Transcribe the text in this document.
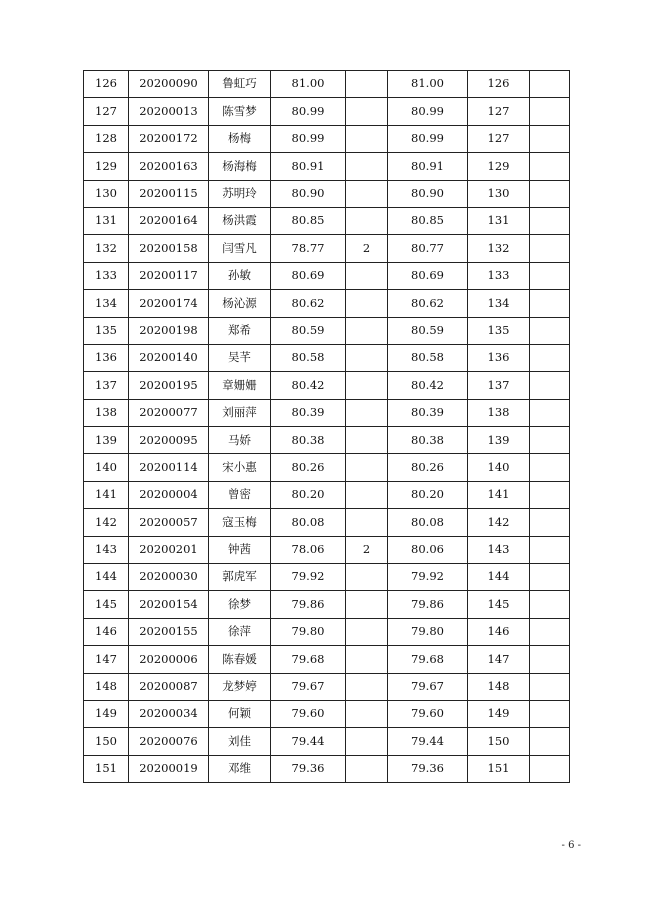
126	20200090	鲁虹巧	81.00		81.00	126	
127	20200013	陈雪梦	80.99		80.99	127	
128	20200172	杨梅	80.99		80.99	127	
129	20200163	杨海梅	80.91		80.91	129	
130	20200115	苏明玲	80.90		80.90	130	
131	20200164	杨洪霞	80.85		80.85	131	
132	20200158	闫雪凡	78.77	2	80.77	132	
133	20200117	孙敏	80.69		80.69	133	
134	20200174	杨沁源	80.62		80.62	134	
135	20200198	郑希	80.59		80.59	135	
136	20200140	吴芊	80.58		80.58	136	
137	20200195	章姗姗	80.42		80.42	137	
138	20200077	刘丽萍	80.39		80.39	138	
139	20200095	马娇	80.38		80.38	139	
140	20200114	宋小惠	80.26		80.26	140	
141	20200004	曾密	80.20		80.20	141	
142	20200057	寇玉梅	80.08		80.08	142	
143	20200201	钟茜	78.06	2	80.06	143	
144	20200030	郭虎军	79.92		79.92	144	
145	20200154	徐梦	79.86		79.86	145	
146	20200155	徐萍	79.80		79.80	146	
147	20200006	陈春媛	79.68		79.68	147	
148	20200087	龙梦婷	79.67		79.67	148	
149	20200034	何颖	79.60		79.60	149	
150	20200076	刘佳	79.44		79.44	150	
151	20200019	邓维	79.36		79.36	151	
- 6 -
